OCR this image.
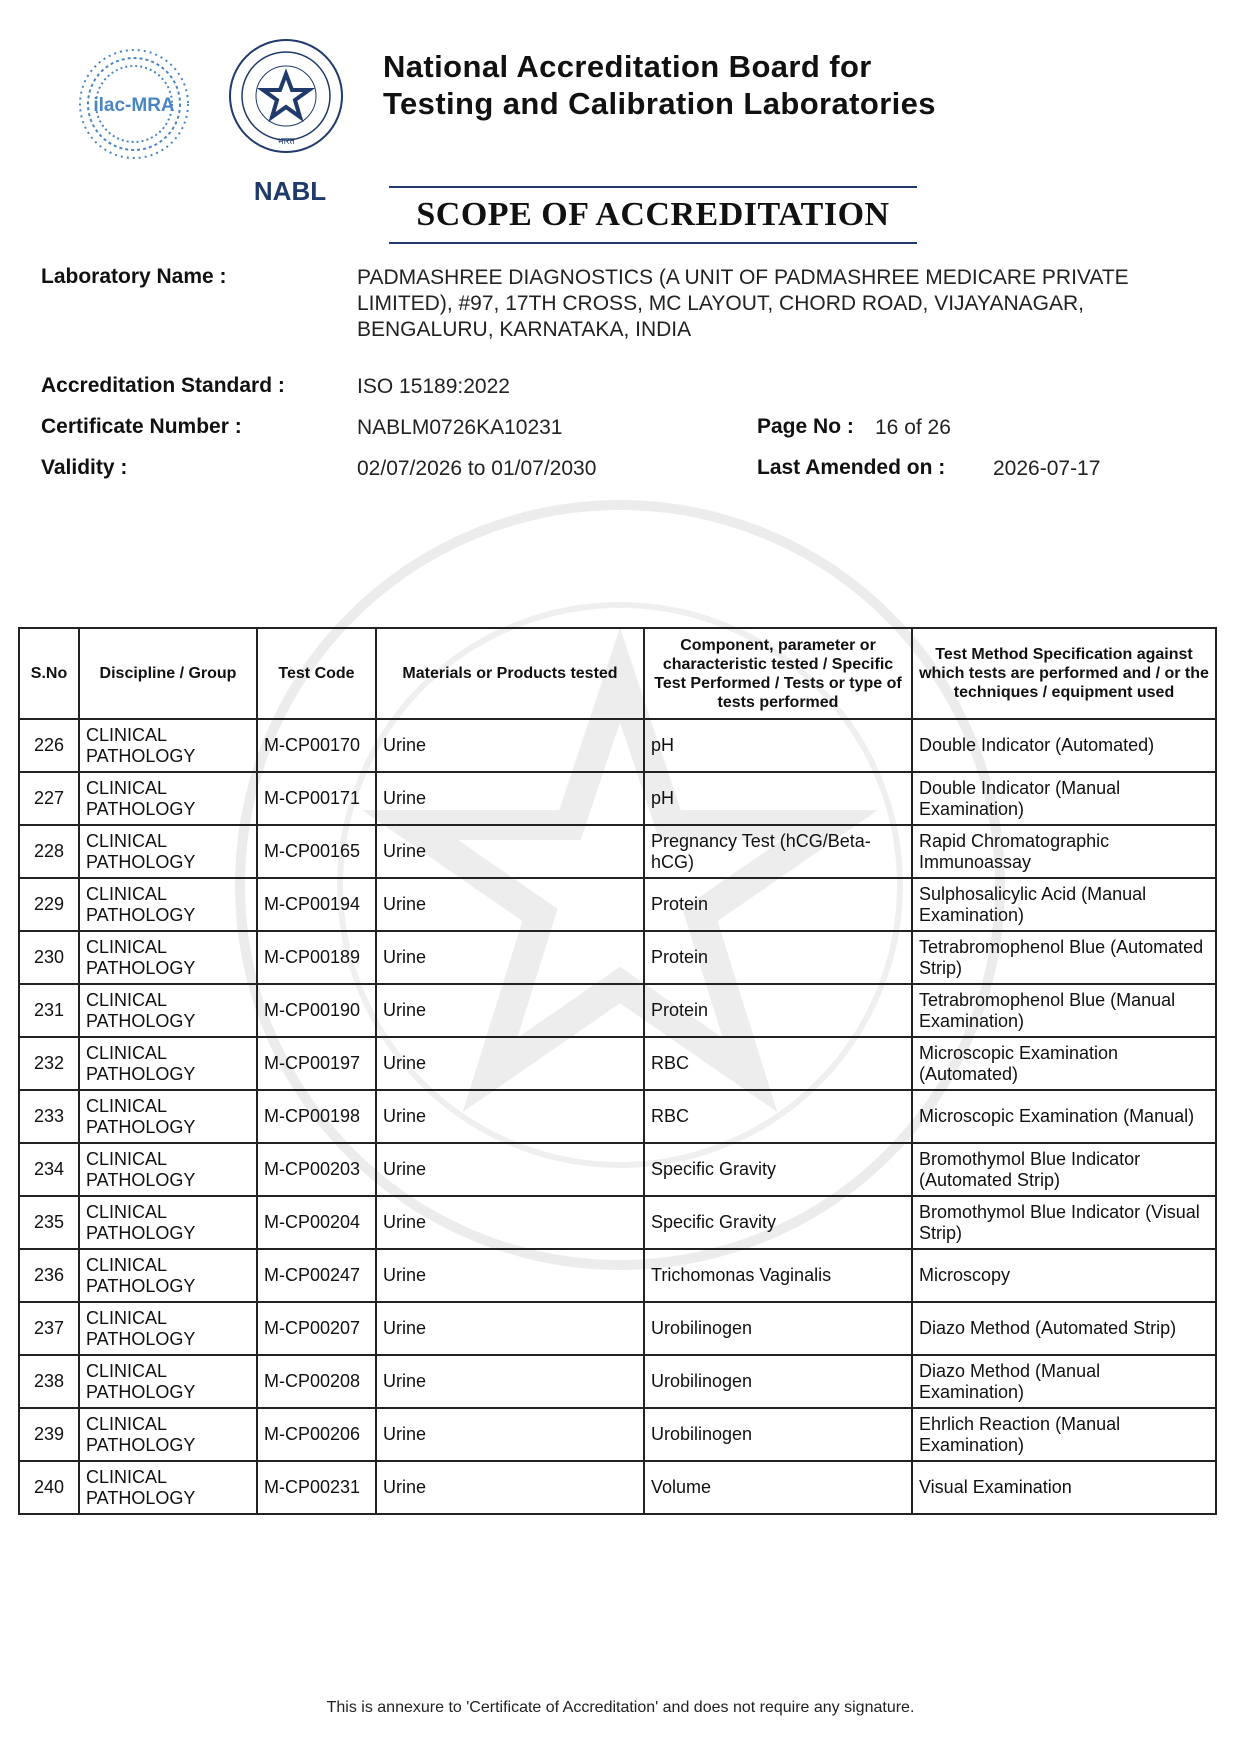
ilac-MRA
भारत
NABL
National Accreditation Board for
Testing and Calibration Laboratories
SCOPE OF ACCREDITATION
Laboratory Name :	PADMASHREE DIAGNOSTICS (A UNIT OF PADMASHREE MEDICARE PRIVATE
LIMITED), #97, 17TH CROSS, MC LAYOUT, CHORD ROAD, VIJAYANAGAR,
BENGALURU, KARNATAKA, INDIA
Accreditation Standard :	ISO 15189:2022
Certificate Number :	NABLM0726KA10231	Page No : 16 of 26
Validity :	02/07/2026 to 01/07/2030	Last Amended on : 2026-07-17
S.No	Discipline / Group	Test Code	Materials or Products tested	Component, parameter or characteristic tested / Specific Test Performed / Tests or type of tests performed	Test Method Specification against which tests are performed and / or the techniques / equipment used
226	CLINICAL PATHOLOGY	M-CP00170	Urine	pH	Double Indicator (Automated)
227	CLINICAL PATHOLOGY	M-CP00171	Urine	pH	Double Indicator (Manual Examination)
228	CLINICAL PATHOLOGY	M-CP00165	Urine	Pregnancy Test (hCG/Beta-hCG)	Rapid Chromatographic Immunoassay
229	CLINICAL PATHOLOGY	M-CP00194	Urine	Protein	Sulphosalicylic Acid (Manual Examination)
230	CLINICAL PATHOLOGY	M-CP00189	Urine	Protein	Tetrabromophenol Blue (Automated Strip)
231	CLINICAL PATHOLOGY	M-CP00190	Urine	Protein	Tetrabromophenol Blue (Manual Examination)
232	CLINICAL PATHOLOGY	M-CP00197	Urine	RBC	Microscopic Examination (Automated)
233	CLINICAL PATHOLOGY	M-CP00198	Urine	RBC	Microscopic Examination (Manual)
234	CLINICAL PATHOLOGY	M-CP00203	Urine	Specific Gravity	Bromothymol Blue Indicator (Automated Strip)
235	CLINICAL PATHOLOGY	M-CP00204	Urine	Specific Gravity	Bromothymol Blue Indicator (Visual Strip)
236	CLINICAL PATHOLOGY	M-CP00247	Urine	Trichomonas Vaginalis	Microscopy
237	CLINICAL PATHOLOGY	M-CP00207	Urine	Urobilinogen	Diazo Method (Automated Strip)
238	CLINICAL PATHOLOGY	M-CP00208	Urine	Urobilinogen	Diazo Method (Manual Examination)
239	CLINICAL PATHOLOGY	M-CP00206	Urine	Urobilinogen	Ehrlich Reaction (Manual Examination)
240	CLINICAL PATHOLOGY	M-CP00231	Urine	Volume	Visual Examination
This is annexure to 'Certificate of Accreditation' and does not require any signature.
